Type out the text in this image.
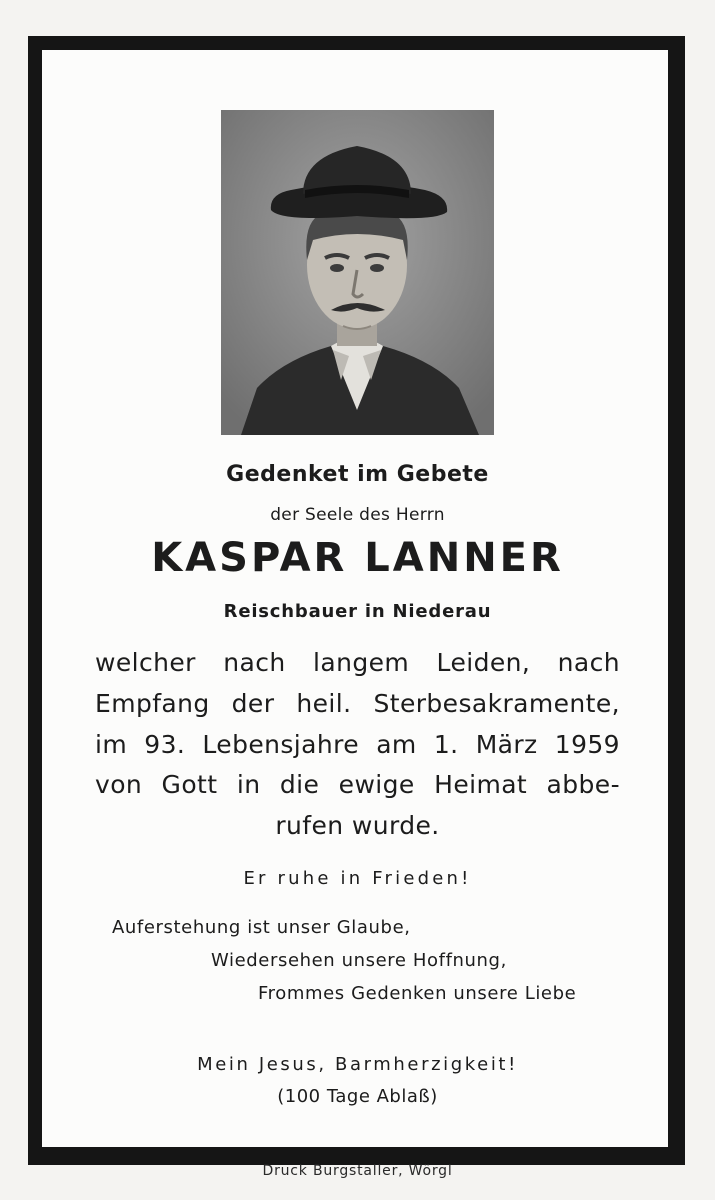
Gedenket im Gebete
der Seele des Herrn
KASPAR LANNER
Reischbauer in Niederau
welcher nach langem Leiden, nach
Empfang der heil. Sterbesakramente,
im 93. Lebensjahre am 1. März 1959
von Gott in die ewige Heimat abbe-
rufen wurde.
Er ruhe in Frieden!
Auferstehung ist unser Glaube,
Wiedersehen unsere Hoffnung,
Frommes Gedenken unsere Liebe
Mein Jesus, Barmherzigkeit!
(100 Tage Ablaß)
Druck Burgstaller, Wörgl
